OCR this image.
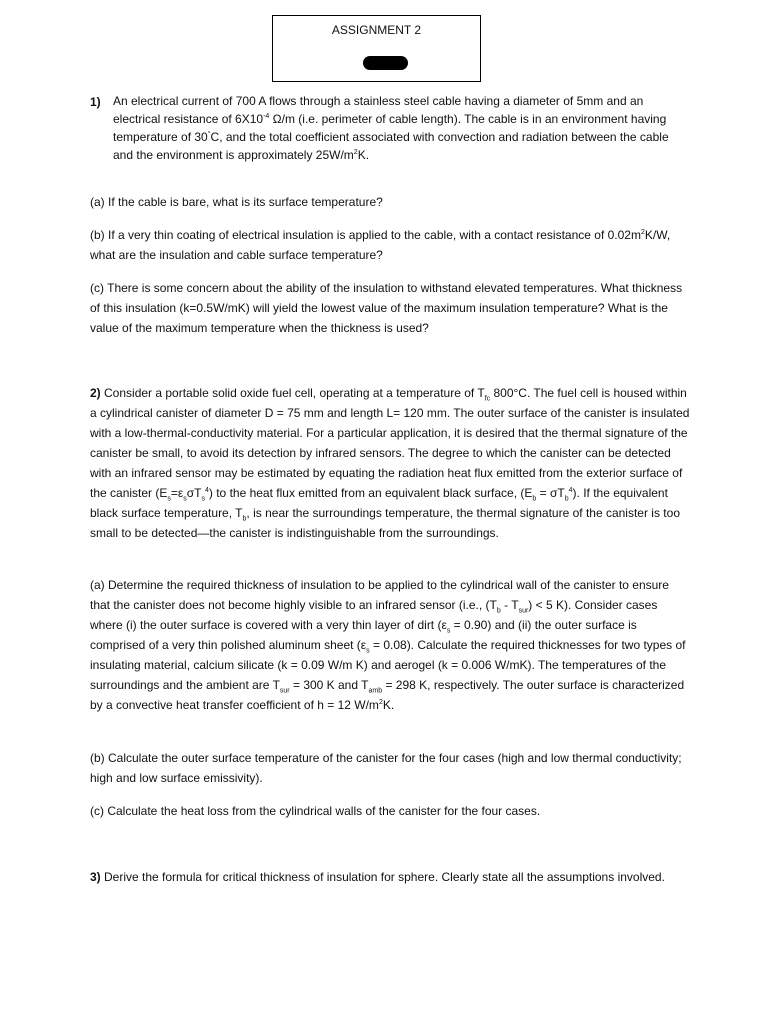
ASSIGNMENT 2
1) An electrical current of 700 A flows through a stainless steel cable having a diameter of 5mm and an electrical resistance of $6X10^{-4}$ Ω/m (i.e. perimeter of cable length). The cable is in an environment having temperature of 30°C, and the total coefficient associated with convection and radiation between the cable and the environment is approximately $25W/m^2K$.

(a) If the cable is bare, what is its surface temperature?

(b) If a very thin coating of electrical insulation is applied to the cable, with a contact resistance of $0.02m^2K/W$, what are the insulation and cable surface temperature?

(c) There is some concern about the ability of the insulation to withstand elevated temperatures. What thickness of this insulation (k=0.5W/mK) will yield the lowest value of the maximum insulation temperature? What is the value of the maximum temperature when the thickness is used?

2) Consider a portable solid oxide fuel cell, operating at a temperature of $T_{fc}$ 800°C. The fuel cell is housed within a cylindrical canister of diameter D = 75 mm and length L= 120 mm. The outer surface of the canister is insulated with a low-thermal-conductivity material. For a particular application, it is desired that the thermal signature of the canister be small, to avoid its detection by infrared sensors. The degree to which the canister can be detected with an infrared sensor may be estimated by equating the radiation heat flux emitted from the exterior surface of the canister $(E_s=\varepsilon_s\sigma T_s^4)$ to the heat flux emitted from an equivalent black surface, $(E_b = \sigma T_b^4)$. If the equivalent black surface temperature, $T_b$, is near the surroundings temperature, the thermal signature of the canister is too small to be detected—the canister is indistinguishable from the surroundings.

(a) Determine the required thickness of insulation to be applied to the cylindrical wall of the canister to ensure that the canister does not become highly visible to an infrared sensor (i.e., $(T_b - T_{sur}) < 5$ K). Consider cases where (i) the outer surface is covered with a very thin layer of dirt $(\varepsilon_s = 0.90)$ and (ii) the outer surface is comprised of a very thin polished aluminum sheet $(\varepsilon_s = 0.08)$. Calculate the required thicknesses for two types of insulating material, calcium silicate (k = 0.09 W/m K) and aerogel (k = 0.006 W/mK). The temperatures of the surroundings and the ambient are $T_{sur} = 300$ K and $T_{amb} = 298$ K, respectively. The outer surface is characterized by a convective heat transfer coefficient of h = 12 $W/m^2K$.

(b) Calculate the outer surface temperature of the canister for the four cases (high and low thermal conductivity; high and low surface emissivity).

(c) Calculate the heat loss from the cylindrical walls of the canister for the four cases.

3) Derive the formula for critical thickness of insulation for sphere. Clearly state all the assumptions involved.
